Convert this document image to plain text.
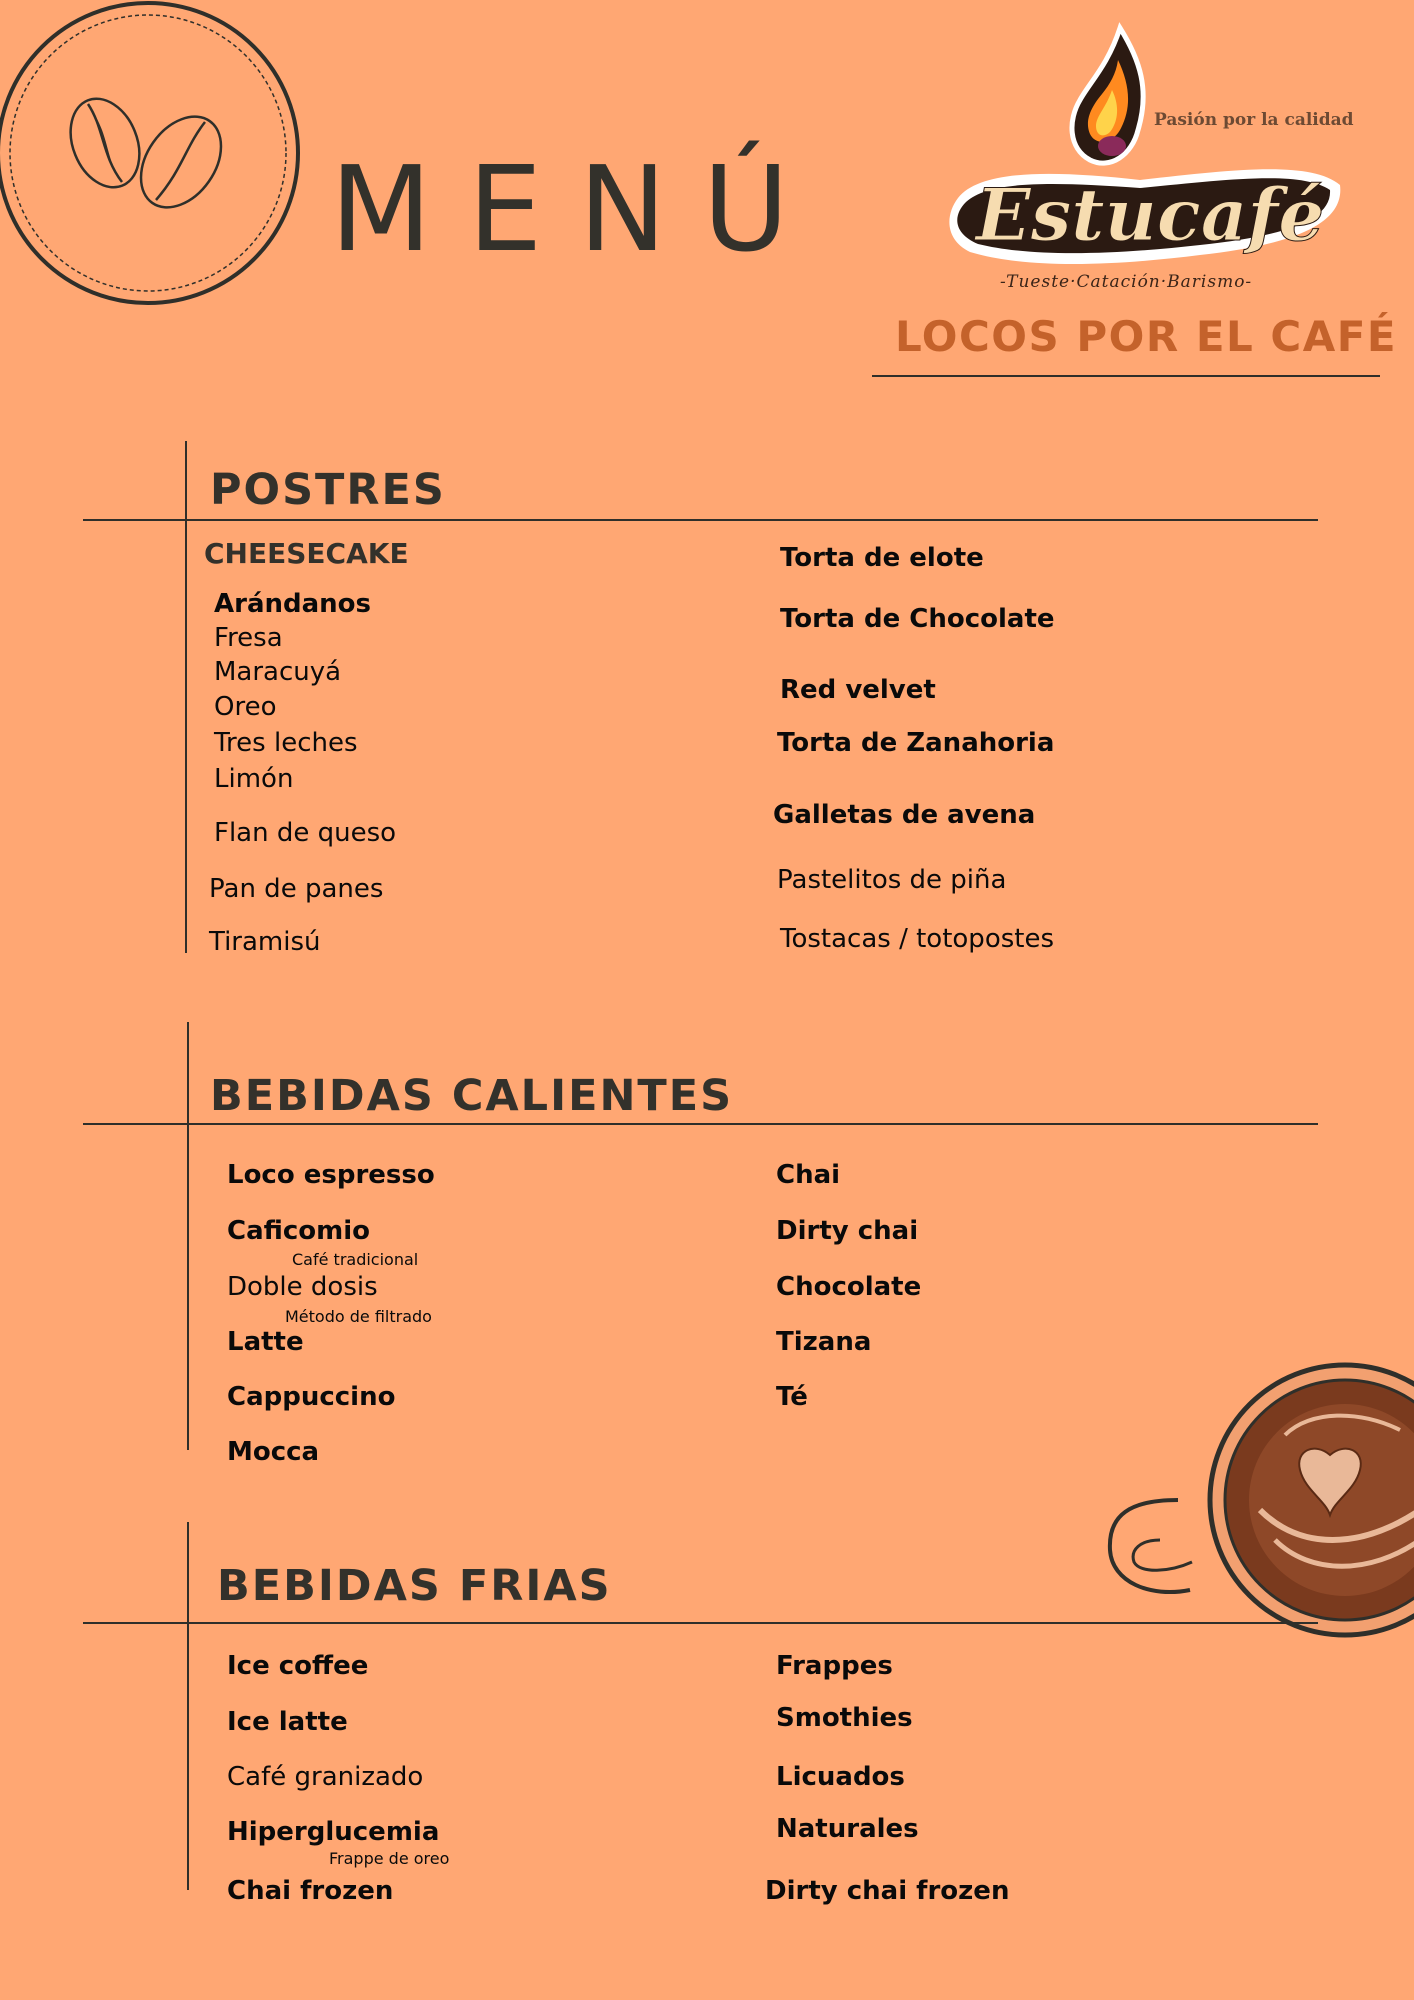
MENÚ Estucafé
Pasión por la calidad
-Tueste·Catación·Barismo-
LOCOS POR EL CAFÉ
POSTRES
CHEESECAKE
Arándanos
Fresa
Maracuyá
Oreo
Tres leches
Limón
Flan de queso
Pan de panes
Tiramisú
Torta de elote
Torta de Chocolate
Red velvet
Torta de Zanahoria
Galletas de avena
Pastelitos de piña
Tostacas / totopostes
BEBIDAS CALIENTES
Loco espresso
Caficomio
Café tradicional
Doble dosis
Método de filtrado
Latte
Cappuccino
Mocca
Chai
Dirty chai
Chocolate
Tizana
Té
BEBIDAS FRIAS
Ice coffee
Ice latte
Café granizado
Hiperglucemia
Frappe de oreo
Chai frozen
Frappes
Smothies
Licuados
Naturales
Dirty chai frozen
